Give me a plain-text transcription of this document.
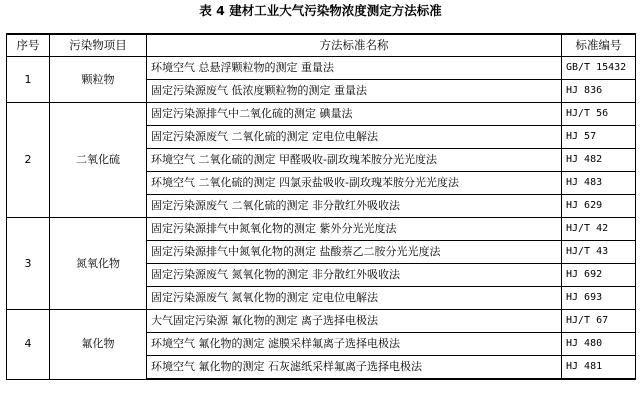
表 4 建材工业大气污染物浓度测定方法标准
序号	污染物项目	方法标准名称	标准编号
1	颗粒物	环境空气 总悬浮颗粒物的测定 重量法	GB/T 15432
		固定污染源废气 低浓度颗粒物的测定 重量法	HJ 836
2	二氧化硫	固定污染源排气中二氧化硫的测定 碘量法	HJ/T 56
		固定污染源废气 二氧化硫的测定 定电位电解法	HJ 57
		环境空气 二氧化硫的测定 甲醛吸收-副玫瑰苯胺分光光度法	HJ 482
		环境空气 二氧化硫的测定 四氯汞盐吸收-副玫瑰苯胺分光光度法	HJ 483
		固定污染源废气 二氧化硫的测定 非分散红外吸收法	HJ 629
3	氮氧化物	固定污染源排气中氮氧化物的测定 紫外分光光度法	HJ/T 42
		固定污染源排气中氮氧化物的测定 盐酸萘乙二胺分光光度法	HJ/T 43
		固定污染源废气 氮氧化物的测定 非分散红外吸收法	HJ 692
		固定污染源废气 氮氧化物的测定 定电位电解法	HJ 693
4	氟化物	大气固定污染源 氟化物的测定 离子选择电极法	HJ/T 67
		环境空气 氟化物的测定 滤膜采样氟离子选择电极法	HJ 480
		环境空气 氟化物的测定 石灰滤纸采样氟离子选择电极法	HJ 481
